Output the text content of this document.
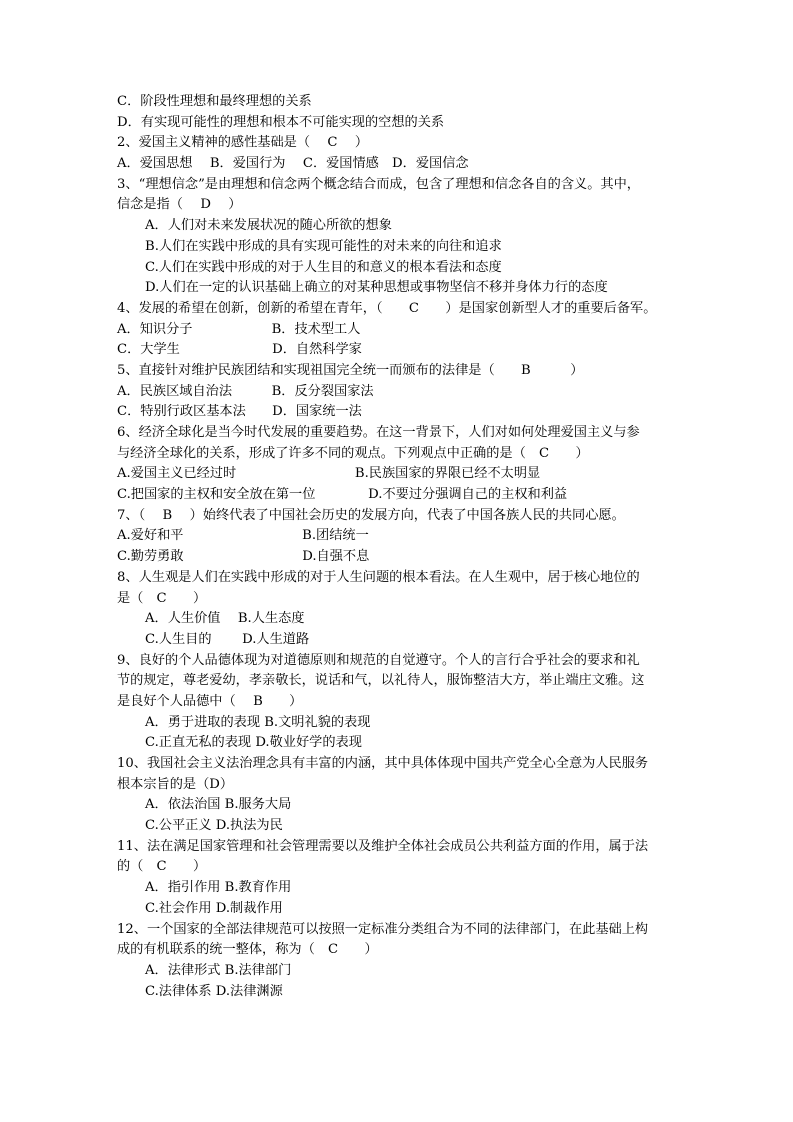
C．阶段性理想和最终理想的关系
D．有实现可能性的理想和根本不可能实现的空想的关系
2、爱国主义精神的感性基础是（　 C　 ）
A．爱国思想　 B．爱国行为　 C．爱国情感　D．爱国信念
3、“理想信念”是由理想和信念两个概念结合而成，包含了理想和信念各自的含义。其中，
信念是指（　 D　 ）
A．人们对未来发展状况的随心所欲的想象
B.人们在实践中形成的具有实现可能性的对未来的向往和追求
C.人们在实践中形成的对于人生目的和意义的根本看法和态度
D.人们在一定的认识基础上确立的对某种思想或事物坚信不移并身体力行的态度
4、发展的希望在创新，创新的希望在青年，（　　C　　）是国家创新型人才的重要后备军。
A．知识分子　　　　　　B．技术型工人
C．大学生　　　　　　　D．自然科学家
5、直接针对维护民族团结和实现祖国完全统一而颁布的法律是（　　B　　　）
A．民族区域自治法　　　B．反分裂国家法
C．特别行政区基本法　　D．国家统一法
6、经济全球化是当今时代发展的重要趋势。在这一背景下，人们对如何处理爱国主义与参
与经济全球化的关系，形成了许多不同的观点。下列观点中正确的是（　C　　）
A.爱国主义已经过时　　　　　　　　　B.民族国家的界限已经不太明显
C.把国家的主权和安全放在第一位　　　　D.不要过分强调自己的主权和利益
7、（　 B　 ）始终代表了中国社会历史的发展方向，代表了中国各族人民的共同心愿。
A.爱好和平　　　　　　　　　B.团结统一
C.勤劳勇敢　　　　　　　　　D.自强不息
8、人生观是人们在实践中形成的对于人生问题的根本看法。在人生观中，居于核心地位的
是（　C　　）
A．人生价值　 B.人生态度
C.人生目的　　 D.人生道路
9、良好的个人品德体现为对道德原则和规范的自觉遵守。个人的言行合乎社会的要求和礼
节的规定，尊老爱幼，孝亲敬长，说话和气，以礼待人，服饰整洁大方，举止端庄文雅。这
是良好个人品德中（　 B　　）
A．勇于进取的表现 B.文明礼貌的表现
C.正直无私的表现 D.敬业好学的表现
10、我国社会主义法治理念具有丰富的内涵，其中具体体现中国共产党全心全意为人民服务
根本宗旨的是（D）
A．依法治国 B.服务大局
C.公平正义 D.执法为民
11、法在满足国家管理和社会管理需要以及维护全体社会成员公共利益方面的作用，属于法
的（　C　　）
A．指引作用 B.教育作用
C.社会作用 D.制裁作用
12、一个国家的全部法律规范可以按照一定标准分类组合为不同的法律部门，在此基础上构
成的有机联系的统一整体，称为（　C　　）
A．法律形式 B.法律部门
C.法律体系 D.法律渊源
